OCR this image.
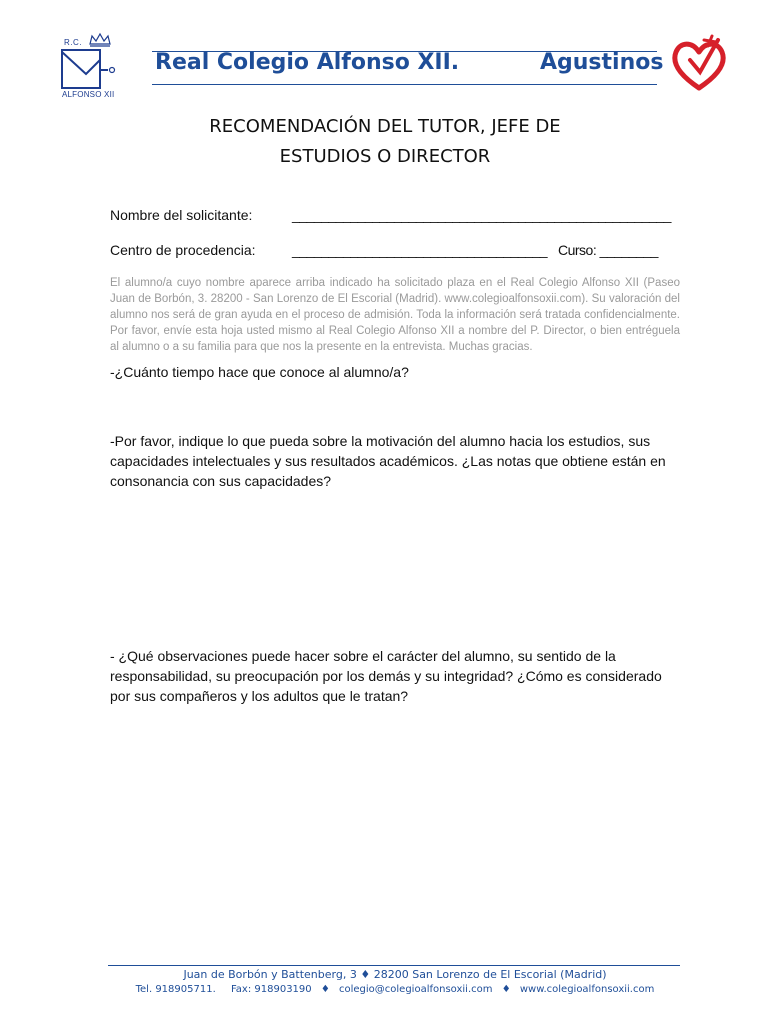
R.C.
ALFONSO XII
Real Colegio Alfonso XII.	Agustinos
RECOMENDACIÓN DEL TUTOR, JEFE DE
ESTUDIOS O DIRECTOR
Nombre del solicitante:	____________________________________________________
Centro de procedencia:	___________________________________ Curso: ________
El alumno/a cuyo nombre aparece arriba indicado ha solicitado plaza en el Real Colegio Alfonso XII (Paseo Juan de Borbón, 3. 28200 - San Lorenzo de El Escorial (Madrid). www.colegioalfonsoxii.com). Su valoración del alumno nos será de gran ayuda en el proceso de admisión. Toda la información será tratada confidencialmente. Por favor, envíe esta hoja usted mismo al Real Colegio Alfonso XII a nombre del P. Director, o bien entréguela al alumno o a su familia para que nos la presente en la entrevista. Muchas gracias.
-¿Cuánto tiempo hace que conoce al alumno/a?
-Por favor, indique lo que pueda sobre la motivación del alumno hacia los estudios, sus capacidades intelectuales y sus resultados académicos. ¿Las notas que obtiene están en consonancia con sus capacidades?
- ¿Qué observaciones puede hacer sobre el carácter del alumno, su sentido de la responsabilidad, su preocupación por los demás y su integridad? ¿Cómo es considerado por sus compañeros y los adultos que le tratan?
Juan de Borbón y Battenberg, 3 ♦ 28200 San Lorenzo de El Escorial (Madrid)
Tel. 918905711. Fax: 918903190 ♦ colegio@colegioalfonsoxii.com ♦ www.colegioalfonsoxii.com
